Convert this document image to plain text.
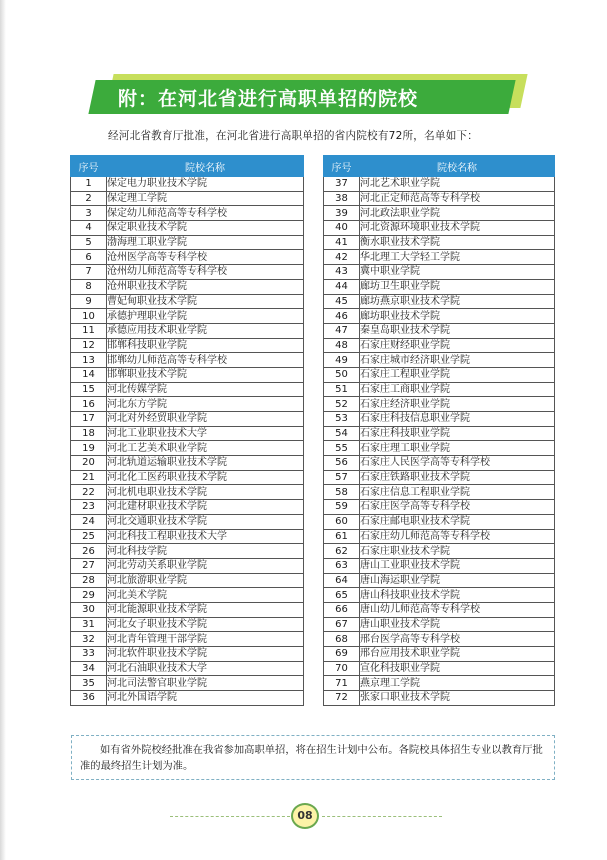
附：在河北省进行高职单招的院校
经河北省教育厅批准，在河北省进行高职单招的省内院校有72所，名单如下：
序号	院校名称
1	保定电力职业技术学院
2	保定理工学院
3	保定幼儿师范高等专科学校
4	保定职业技术学院
5	渤海理工职业学院
6	沧州医学高等专科学校
7	沧州幼儿师范高等专科学校
8	沧州职业技术学院
9	曹妃甸职业技术学院
10	承德护理职业学院
11	承德应用技术职业学院
12	邯郸科技职业学院
13	邯郸幼儿师范高等专科学校
14	邯郸职业技术学院
15	河北传媒学院
16	河北东方学院
17	河北对外经贸职业学院
18	河北工业职业技术大学
19	河北工艺美术职业学院
20	河北轨道运输职业技术学院
21	河北化工医药职业技术学院
22	河北机电职业技术学院
23	河北建材职业技术学院
24	河北交通职业技术学院
25	河北科技工程职业技术大学
26	河北科技学院
27	河北劳动关系职业学院
28	河北旅游职业学院
29	河北美术学院
30	河北能源职业技术学院
31	河北女子职业技术学院
32	河北青年管理干部学院
33	河北软件职业技术学院
34	河北石油职业技术大学
35	河北司法警官职业学院
36	河北外国语学院
序号	院校名称
37	河北艺术职业学院
38	河北正定师范高等专科学校
39	河北政法职业学院
40	河北资源环境职业技术学院
41	衡水职业技术学院
42	华北理工大学轻工学院
43	冀中职业学院
44	廊坊卫生职业学院
45	廊坊燕京职业技术学院
46	廊坊职业技术学院
47	秦皇岛职业技术学院
48	石家庄财经职业学院
49	石家庄城市经济职业学院
50	石家庄工程职业学院
51	石家庄工商职业学院
52	石家庄经济职业学院
53	石家庄科技信息职业学院
54	石家庄科技职业学院
55	石家庄理工职业学院
56	石家庄人民医学高等专科学校
57	石家庄铁路职业技术学院
58	石家庄信息工程职业学院
59	石家庄医学高等专科学校
60	石家庄邮电职业技术学院
61	石家庄幼儿师范高等专科学校
62	石家庄职业技术学院
63	唐山工业职业技术学院
64	唐山海运职业学院
65	唐山科技职业技术学院
66	唐山幼儿师范高等专科学校
67	唐山职业技术学院
68	邢台医学高等专科学校
69	邢台应用技术职业学院
70	宣化科技职业学院
71	燕京理工学院
72	张家口职业技术学院

如有省外院校经批准在我省参加高职单招，将在招生计划中公布。各院校具体招生专业以教育厅批准的最终招生计划为准。

08
